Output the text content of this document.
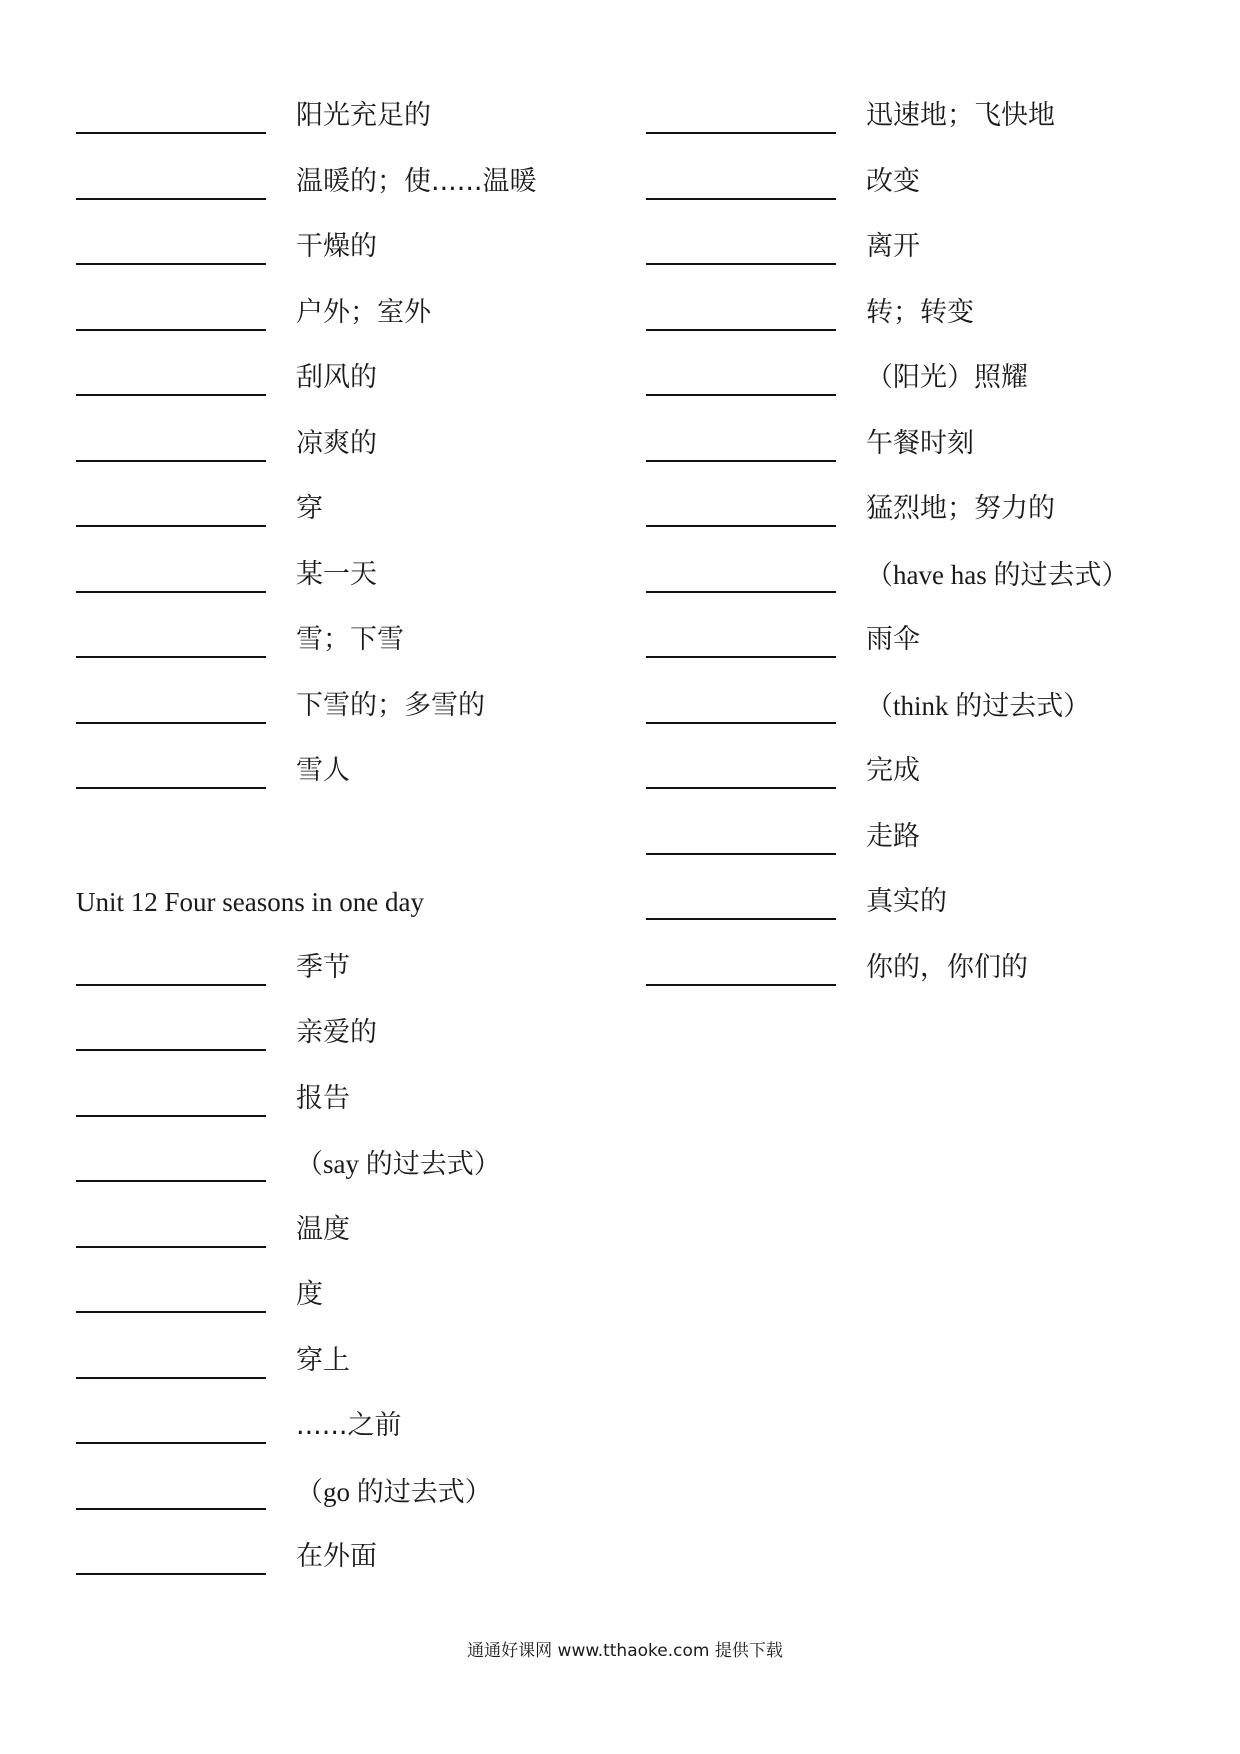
阳光充足的
温暖的；使......温暖
干燥的
户外；室外
刮风的
凉爽的
穿
某一天
雪；下雪
下雪的；多雪的
雪人
Unit 12 Four seasons in one day
季节
亲爱的
报告
（say 的过去式）
温度
度
穿上
......之前
（go 的过去式）
在外面
迅速地；飞快地
改变
离开
转；转变
（阳光）照耀
午餐时刻
猛烈地；努力的
（have has 的过去式）
雨伞
（think 的过去式）
完成
走路
真实的
你的，你们的
通通好课网 www.tthaoke.com 提供下载
